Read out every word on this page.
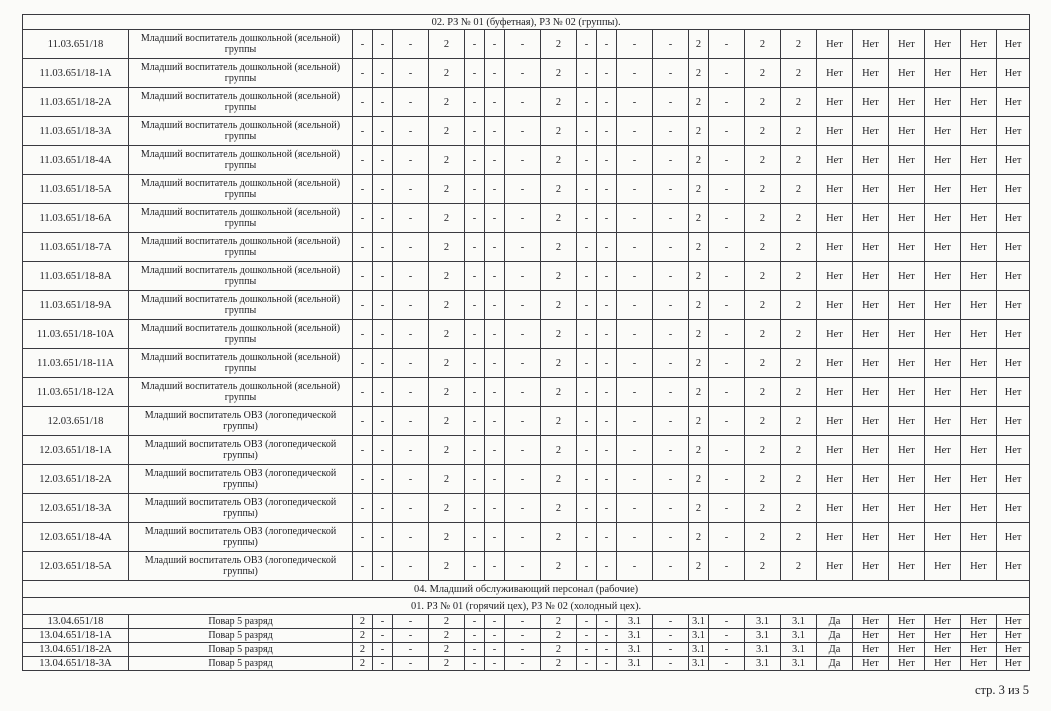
02. РЗ № 01 (буфетная), РЗ № 02 (группы).																							
11.03.651/18	Младший воспитатель дошкольной (ясельной) группы	-	-	-	2	-	-	-	2	-	-	-	-	2	-	2	2	Нет	Нет	Нет	Нет	Нет	Нет
11.03.651/18-1А	Младший воспитатель дошкольной (ясельной) группы	-	-	-	2	-	-	-	2	-	-	-	-	2	-	2	2	Нет	Нет	Нет	Нет	Нет	Нет
11.03.651/18-2А	Младший воспитатель дошкольной (ясельной) группы	-	-	-	2	-	-	-	2	-	-	-	-	2	-	2	2	Нет	Нет	Нет	Нет	Нет	Нет
11.03.651/18-3А	Младший воспитатель дошкольной (ясельной) группы	-	-	-	2	-	-	-	2	-	-	-	-	2	-	2	2	Нет	Нет	Нет	Нет	Нет	Нет
11.03.651/18-4А	Младший воспитатель дошкольной (ясельной) группы	-	-	-	2	-	-	-	2	-	-	-	-	2	-	2	2	Нет	Нет	Нет	Нет	Нет	Нет
11.03.651/18-5А	Младший воспитатель дошкольной (ясельной) группы	-	-	-	2	-	-	-	2	-	-	-	-	2	-	2	2	Нет	Нет	Нет	Нет	Нет	Нет
11.03.651/18-6А	Младший воспитатель дошкольной (ясельной) группы	-	-	-	2	-	-	-	2	-	-	-	-	2	-	2	2	Нет	Нет	Нет	Нет	Нет	Нет
11.03.651/18-7А	Младший воспитатель дошкольной (ясельной) группы	-	-	-	2	-	-	-	2	-	-	-	-	2	-	2	2	Нет	Нет	Нет	Нет	Нет	Нет
11.03.651/18-8А	Младший воспитатель дошкольной (ясельной) группы	-	-	-	2	-	-	-	2	-	-	-	-	2	-	2	2	Нет	Нет	Нет	Нет	Нет	Нет
11.03.651/18-9А	Младший воспитатель дошкольной (ясельной) группы	-	-	-	2	-	-	-	2	-	-	-	-	2	-	2	2	Нет	Нет	Нет	Нет	Нет	Нет
11.03.651/18-10А	Младший воспитатель дошкольной (ясельной) группы	-	-	-	2	-	-	-	2	-	-	-	-	2	-	2	2	Нет	Нет	Нет	Нет	Нет	Нет
11.03.651/18-11А	Младший воспитатель дошкольной (ясельной) группы	-	-	-	2	-	-	-	2	-	-	-	-	2	-	2	2	Нет	Нет	Нет	Нет	Нет	Нет
11.03.651/18-12А	Младший воспитатель дошкольной (ясельной) группы	-	-	-	2	-	-	-	2	-	-	-	-	2	-	2	2	Нет	Нет	Нет	Нет	Нет	Нет
12.03.651/18	Младший воспитатель ОВЗ (логопедической группы)	-	-	-	2	-	-	-	2	-	-	-	-	2	-	2	2	Нет	Нет	Нет	Нет	Нет	Нет
12.03.651/18-1А	Младший воспитатель ОВЗ (логопедической группы)	-	-	-	2	-	-	-	2	-	-	-	-	2	-	2	2	Нет	Нет	Нет	Нет	Нет	Нет
12.03.651/18-2А	Младший воспитатель ОВЗ (логопедической группы)	-	-	-	2	-	-	-	2	-	-	-	-	2	-	2	2	Нет	Нет	Нет	Нет	Нет	Нет
12.03.651/18-3А	Младший воспитатель ОВЗ (логопедической группы)	-	-	-	2	-	-	-	2	-	-	-	-	2	-	2	2	Нет	Нет	Нет	Нет	Нет	Нет
12.03.651/18-4А	Младший воспитатель ОВЗ (логопедической группы)	-	-	-	2	-	-	-	2	-	-	-	-	2	-	2	2	Нет	Нет	Нет	Нет	Нет	Нет
12.03.651/18-5А	Младший воспитатель ОВЗ (логопедической группы)	-	-	-	2	-	-	-	2	-	-	-	-	2	-	2	2	Нет	Нет	Нет	Нет	Нет	Нет
04. Младший обслуживающий персонал (рабочие)																							
01. РЗ № 01 (горячий цех), РЗ № 02 (холодный цех).																							
13.04.651/18	Повар 5 разряд	2	-	-	2	-	-	-	2	-	-	3.1	-	3.1	-	3.1	3.1	Да	Нет	Нет	Нет	Нет	Нет
13.04.651/18-1А	Повар 5 разряд	2	-	-	2	-	-	-	2	-	-	3.1	-	3.1	-	3.1	3.1	Да	Нет	Нет	Нет	Нет	Нет
13.04.651/18-2А	Повар 5 разряд	2	-	-	2	-	-	-	2	-	-	3.1	-	3.1	-	3.1	3.1	Да	Нет	Нет	Нет	Нет	Нет
13.04.651/18-3А	Повар 5 разряд	2	-	-	2	-	-	-	2	-	-	3.1	-	3.1	-	3.1	3.1	Да	Нет	Нет	Нет	Нет	Нет
стр. 3 из 5
